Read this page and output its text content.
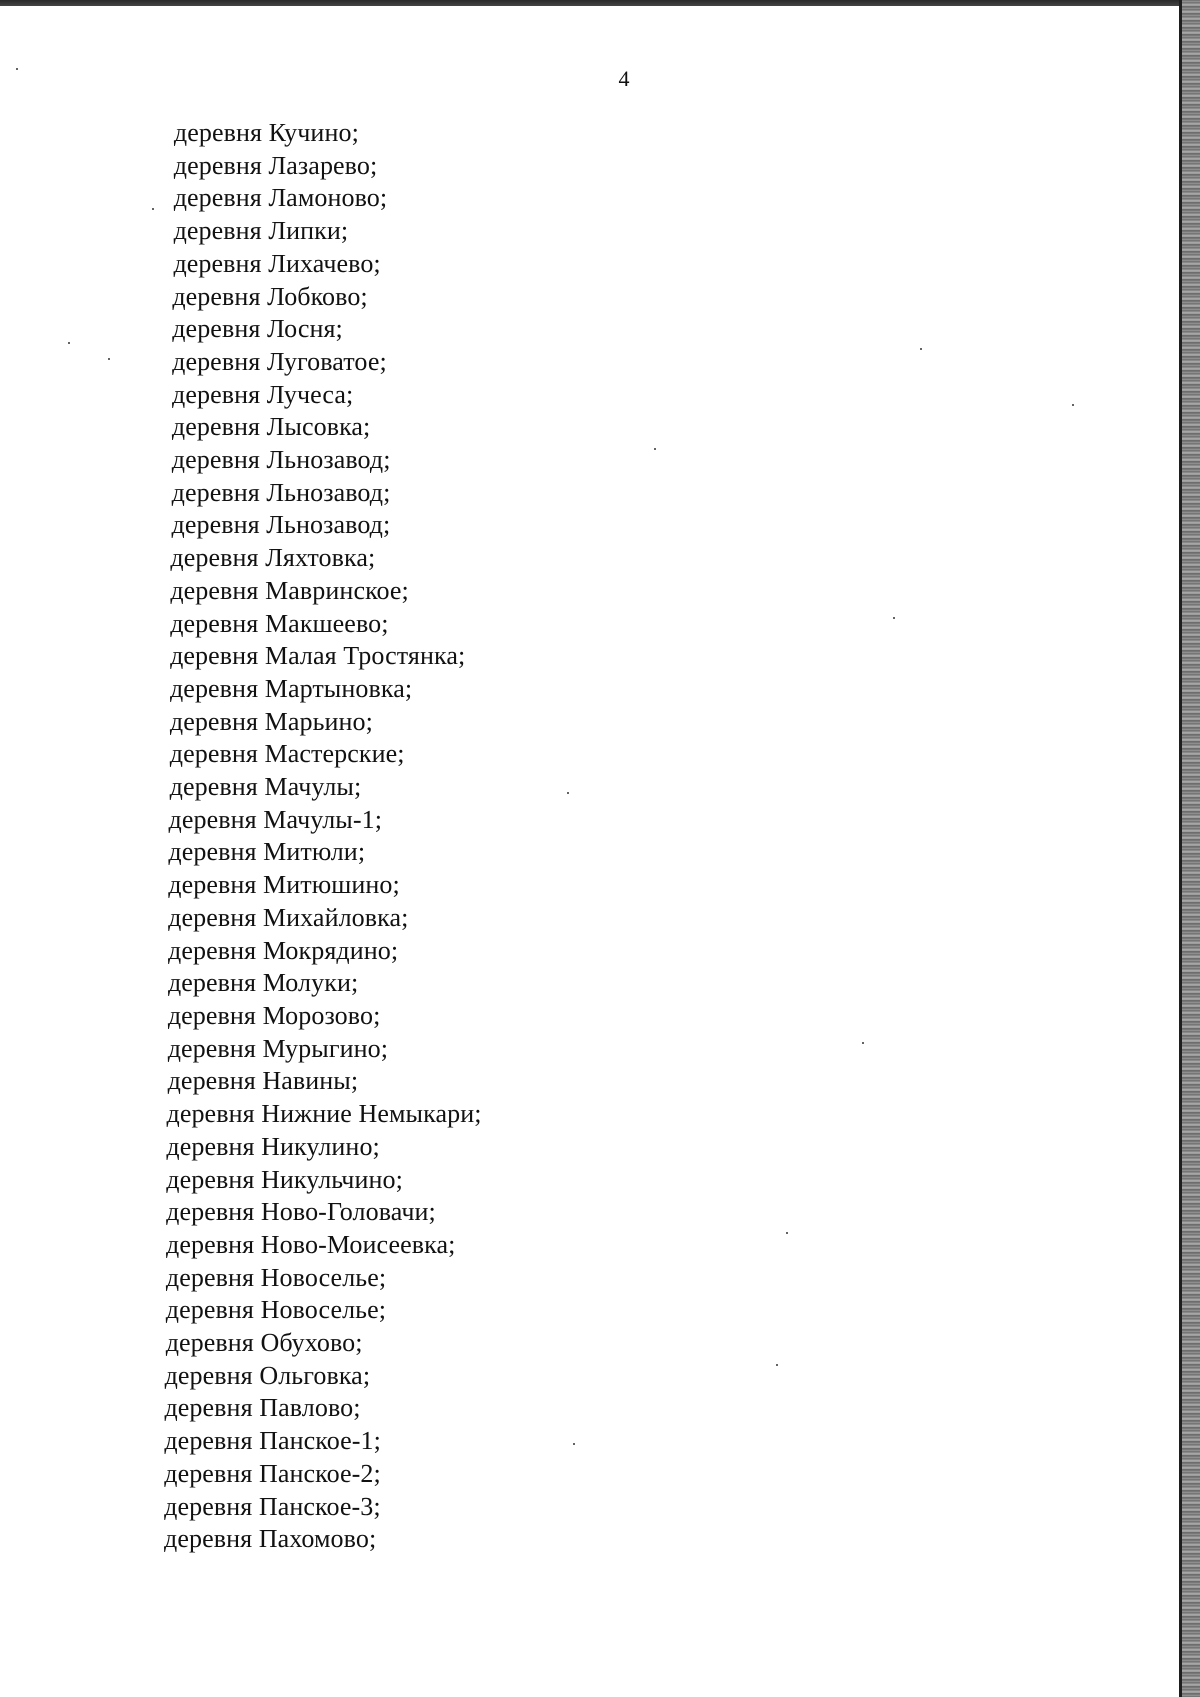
4
деревня Кучино;
деревня Лазарево;
деревня Ламоново;
деревня Липки;
деревня Лихачево;
деревня Лобково;
деревня Лосня;
деревня Луговатое;
деревня Лучеса;
деревня Лысовка;
деревня Льнозавод;
деревня Льнозавод;
деревня Льнозавод;
деревня Ляхтовка;
деревня Мавринское;
деревня Макшеево;
деревня Малая Тростянка;
деревня Мартыновка;
деревня Марьино;
деревня Мастерские;
деревня Мачулы;
деревня Мачулы-1;
деревня Митюли;
деревня Митюшино;
деревня Михайловка;
деревня Мокрядино;
деревня Молуки;
деревня Морозово;
деревня Мурыгино;
деревня Навины;
деревня Нижние Немыкари;
деревня Никулино;
деревня Никульчино;
деревня Ново-Головачи;
деревня Ново-Моисеевка;
деревня Новоселье;
деревня Новоселье;
деревня Обухово;
деревня Ольговка;
деревня Павлово;
деревня Панское-1;
деревня Панское-2;
деревня Панское-3;
деревня Пахомово;
